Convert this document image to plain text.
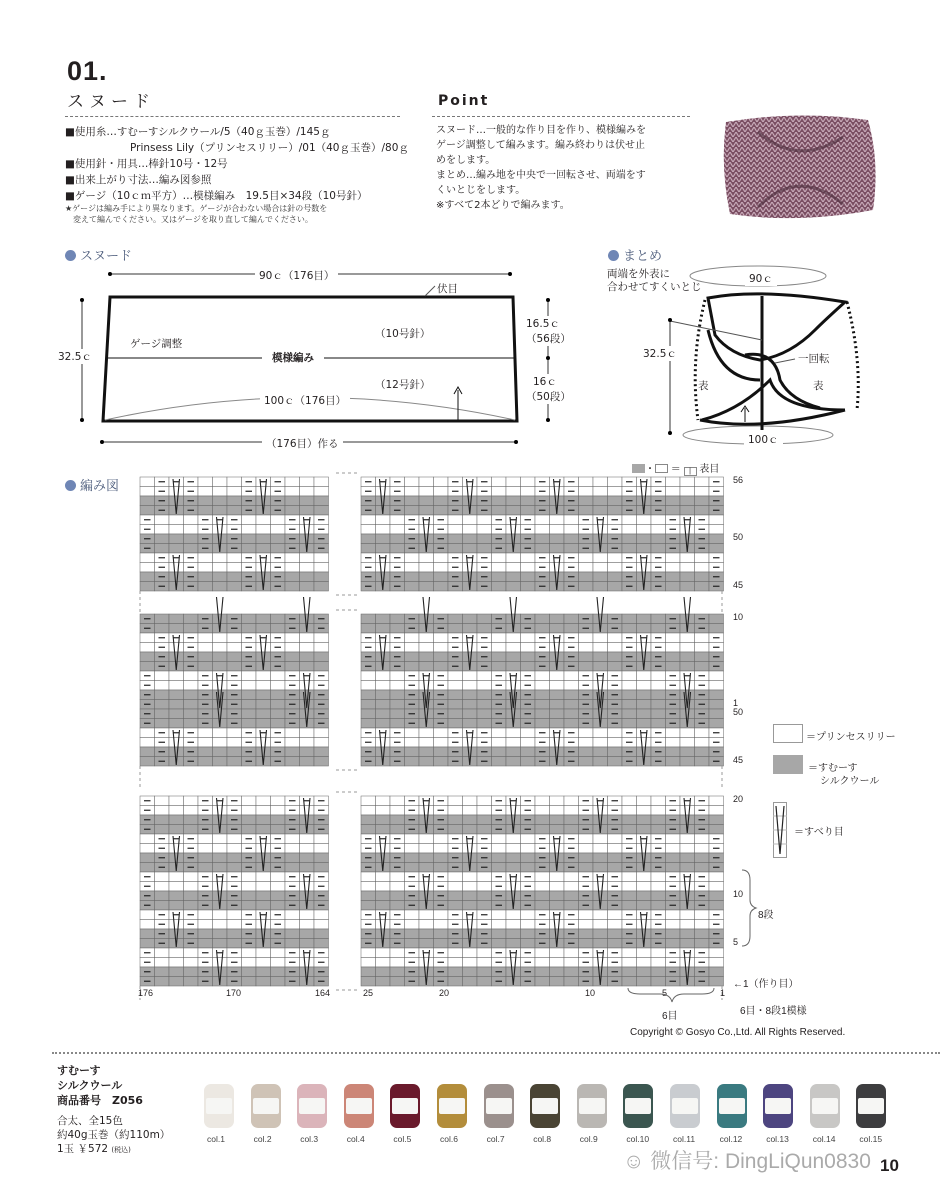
01.
スヌード
■使用糸…すむーすシルクウール/5（40ｇ玉巻）/145ｇ
Prinsess Lily（プリンセスリリー）/01（40ｇ玉巻）/80ｇ
■使用針・用具…棒針10号・12号
■出来上がり寸法…編み図参照
■ゲージ（10ｃｍ平方）…模様編み　19.5目×34段（10号針）
★ゲージは編み手により異なります。ゲージが合わない場合は針の号数を
変えて編んでください。又はゲージを取り直して編んでください。
Point
スヌード…一般的な作り目を作り、模様編みを
ゲージ調整して編みます。編み終わりは伏せ止
めをします。
まとめ…編み地を中央で一回転させ、両端をす
くいとじをします。
※すべて2本どりで編みます。
スヌード
90ｃ（176目）
伏目
32.5ｃ
ゲージ調整
模様編み
（10号針）
（12号針）
16.5ｃ
（56段）
16ｃ
（50段）
100ｃ（176目）
（176目）作る
まとめ
両端を外表に
合わせてすくいとじ
90ｃ
32.5ｃ	一回転
表	表
100ｃ
編み図
・ ＝ | 表目
56
50
45
10
1
50
45
20
10
5
176	170	164	25	20	10	5	1
6目	6目・8段1模様
←1（作り目）
8段
＝プリンセスリリー
＝すむーす
シルクウール
＝すべり目
Copyright © Gosyo Co.,Ltd. All Rights Reserved.
すむーす
シルクウール
商品番号　Z056
合太、全15色
約40g玉巻（約110m）
1玉 ￥572 (税込)
col.1	col.2	col.3	col.4	col.5	col.6	col.7	col.8	col.9	col.10	col.11	col.12	col.13	col.14	col.15
☺ 微信号: DingLiQun0830 10
